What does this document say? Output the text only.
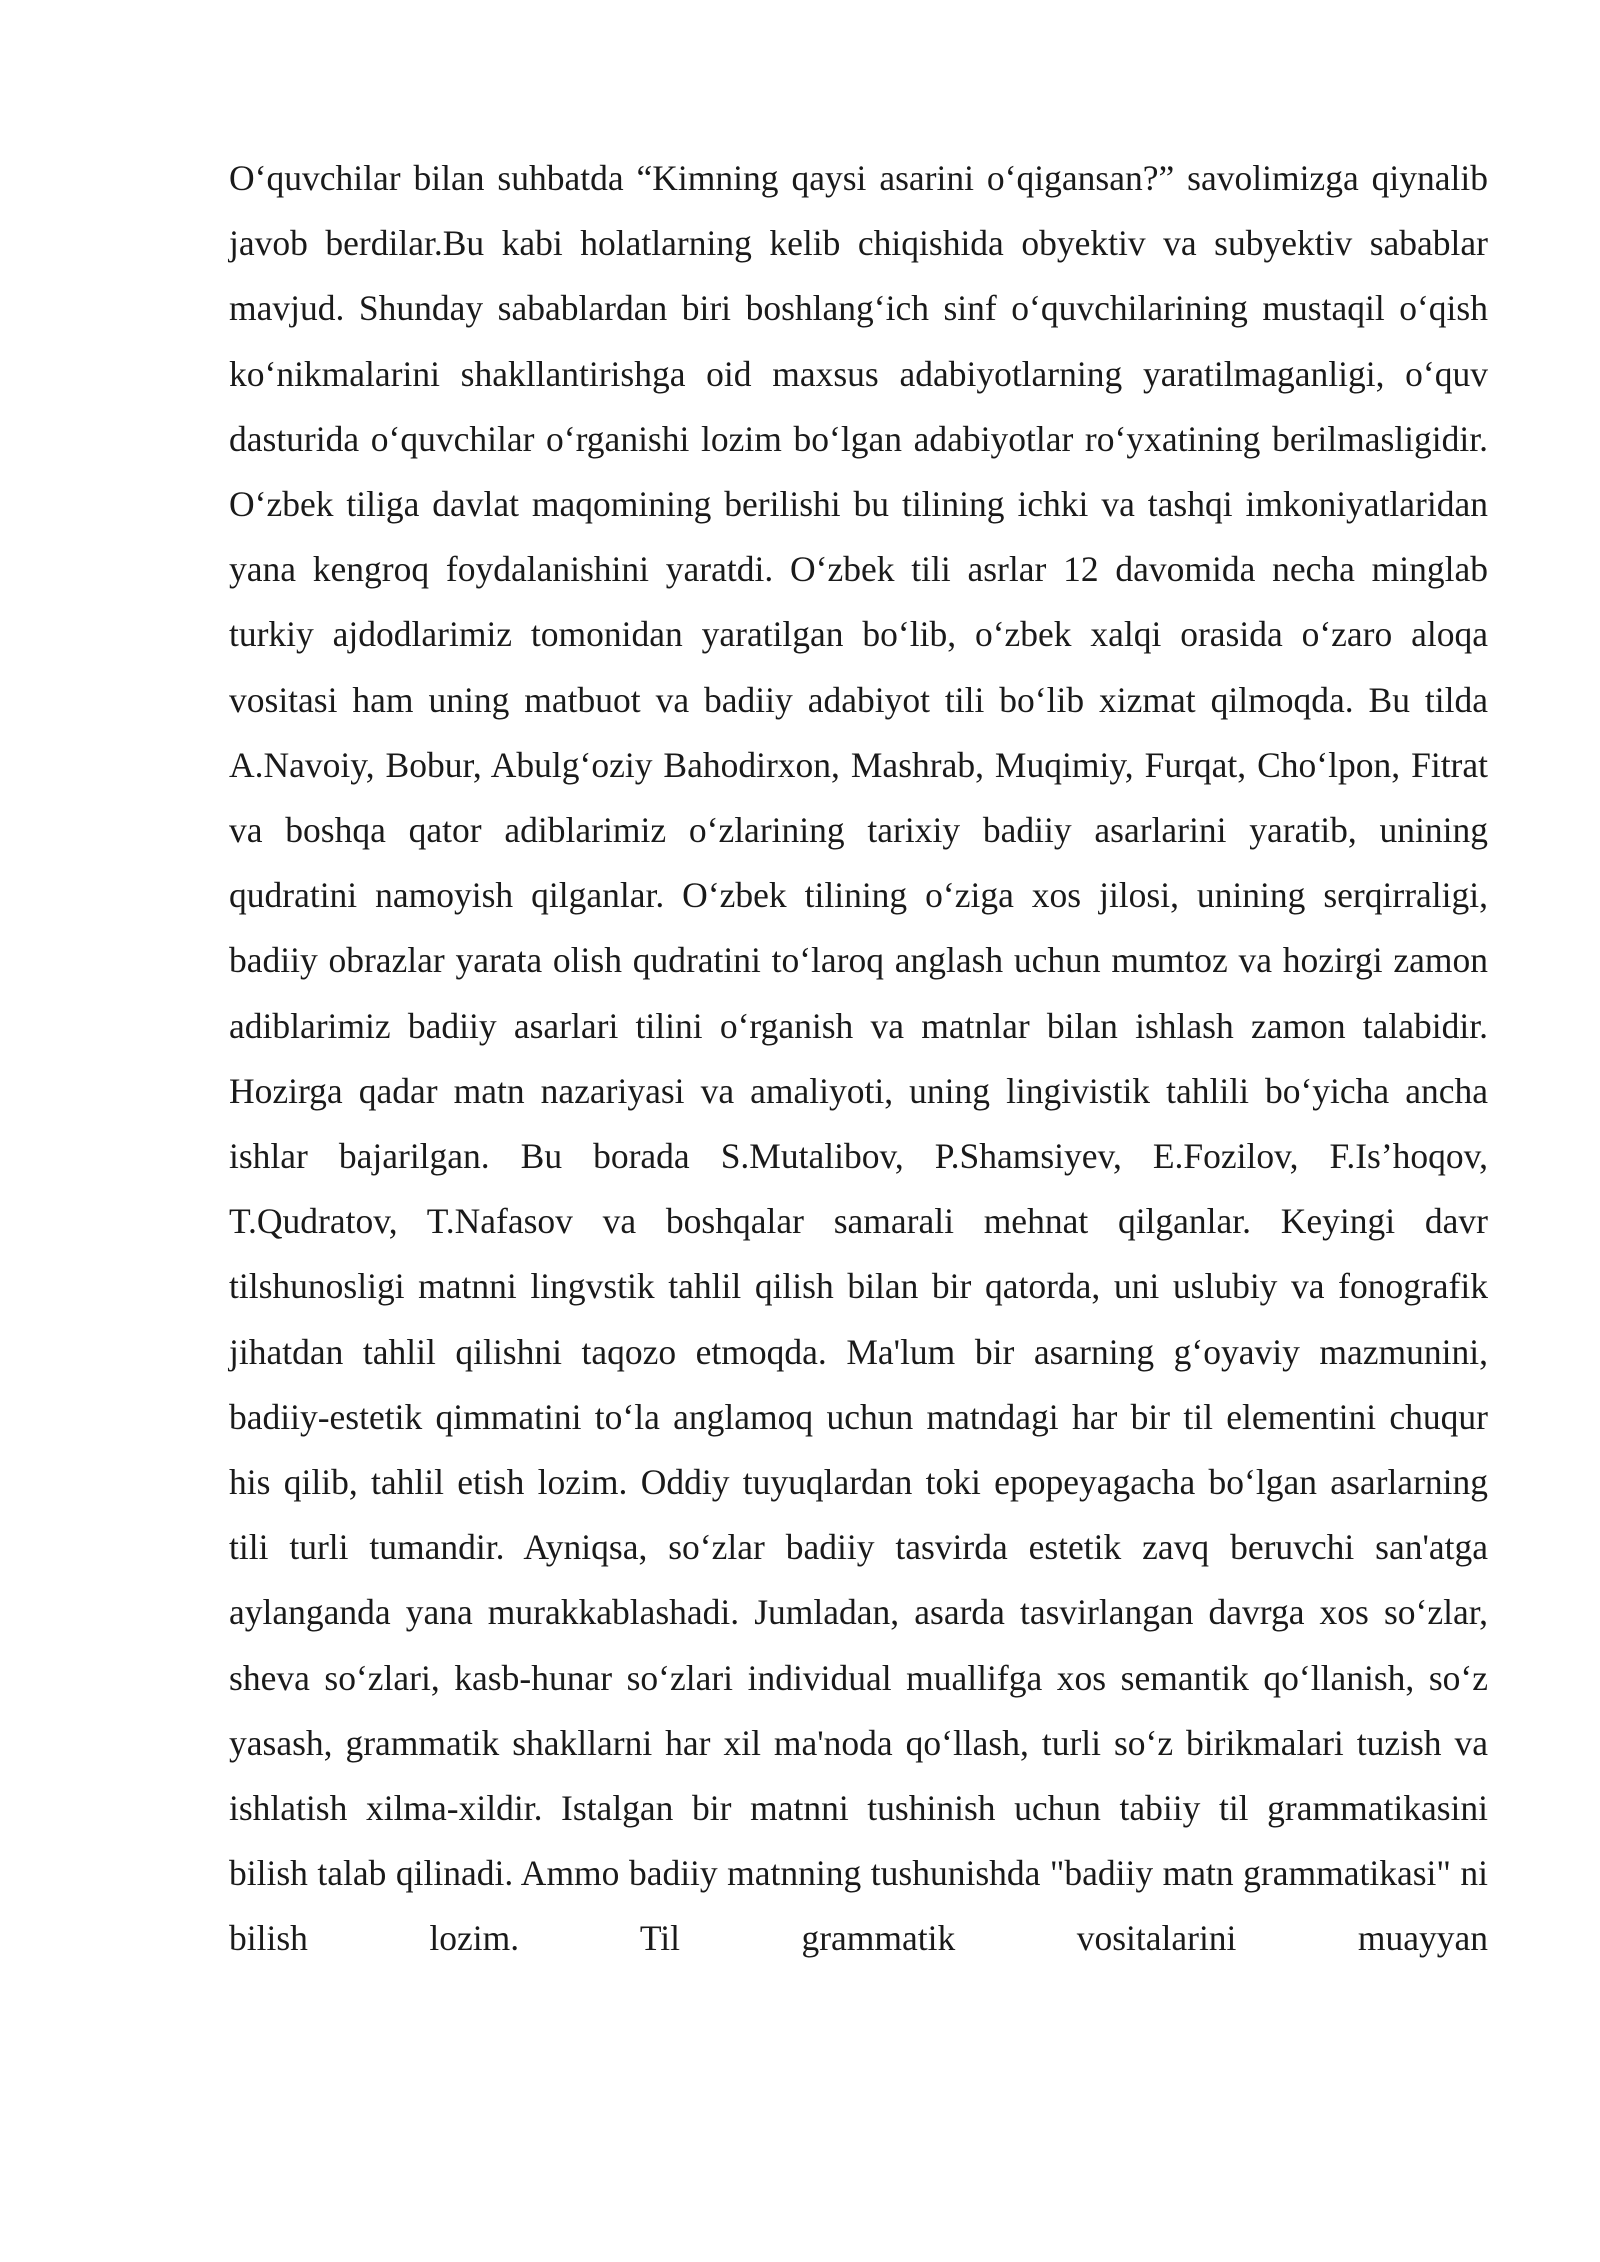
O‘quvchilar bilan suhbatda “Kimning qaysi asarini o‘qigansan?” savolimizga qiynalib javob berdilar.Bu kabi holatlarning kelib chiqishida obyektiv va subyektiv sabablar mavjud. Shunday sabablardan biri boshlang‘ich sinf o‘quvchilarining mustaqil o‘qish ko‘nikmalarini shakllantirishga oid maxsus adabiyotlarning yaratilmaganligi, o‘quv dasturida o‘quvchilar o‘rganishi lozim bo‘lgan adabiyotlar ro‘yxatining berilmasligidir.

O‘zbek tiliga davlat maqomining berilishi bu tilining ichki va tashqi imkoniyatlaridan yana kengroq foydalanishini yaratdi. O‘zbek tili asrlar 12 davomida necha minglab turkiy ajdodlarimiz tomonidan yaratilgan bo‘lib, o‘zbek xalqi orasida o‘zaro aloqa vositasi ham uning matbuot va badiiy adabiyot tili bo‘lib xizmat qilmoqda. Bu tilda A.Navoiy, Bobur, Abulg‘oziy Bahodirxon, Mashrab, Muqimiy, Furqat, Cho‘lpon, Fitrat va boshqa qator adiblarimiz o‘zlarining tarixiy badiiy asarlarini yaratib, unining qudratini namoyish qilganlar. O‘zbek tilining o‘ziga xos jilosi, unining serqirraligi, badiiy obrazlar yarata olish qudratini to‘laroq anglash uchun mumtoz va hozirgi zamon adiblarimiz badiiy asarlari tilini o‘rganish va matnlar bilan ishlash zamon talabidir. Hozirga qadar matn nazariyasi va amaliyoti, uning lingivistik tahlili bo‘yicha ancha ishlar bajarilgan. Bu borada S.Mutalibov, P.Shamsiyev, E.Fozilov, F.Is’hoqov, T.Qudratov, T.Nafasov va boshqalar samarali mehnat qilganlar. Keyingi davr tilshunosligi matnni lingvstik tahlil qilish bilan bir qatorda, uni uslubiy va fonografik jihatdan tahlil qilishni taqozo etmoqda. Ma'lum bir asarning g‘oyaviy mazmunini, badiiy-estetik qimmatini to‘la anglamoq uchun matndagi har bir til elementini chuqur his qilib, tahlil etish lozim. Oddiy tuyuqlardan toki epopeyagacha bo‘lgan asarlarning tili turli tumandir. Ayniqsa, so‘zlar badiiy tasvirda estetik zavq beruvchi san'atga aylanganda yana murakkablashadi. Jumladan, asarda tasvirlangan davrga xos so‘zlar, sheva so‘zlari, kasb-hunar so‘zlari individual muallifga xos semantik qo‘llanish, so‘z yasash, grammatik shakllarni har xil ma'noda qo‘llash, turli so‘z birikmalari tuzish va ishlatish xilma-xildir. Istalgan bir matnni tushinish uchun tabiiy til grammatikasini bilish talab qilinadi. Ammo badiiy matnning tushunishda "badiiy matn grammatikasi" ni bilish lozim. Til grammatik vositalarini muayyan
